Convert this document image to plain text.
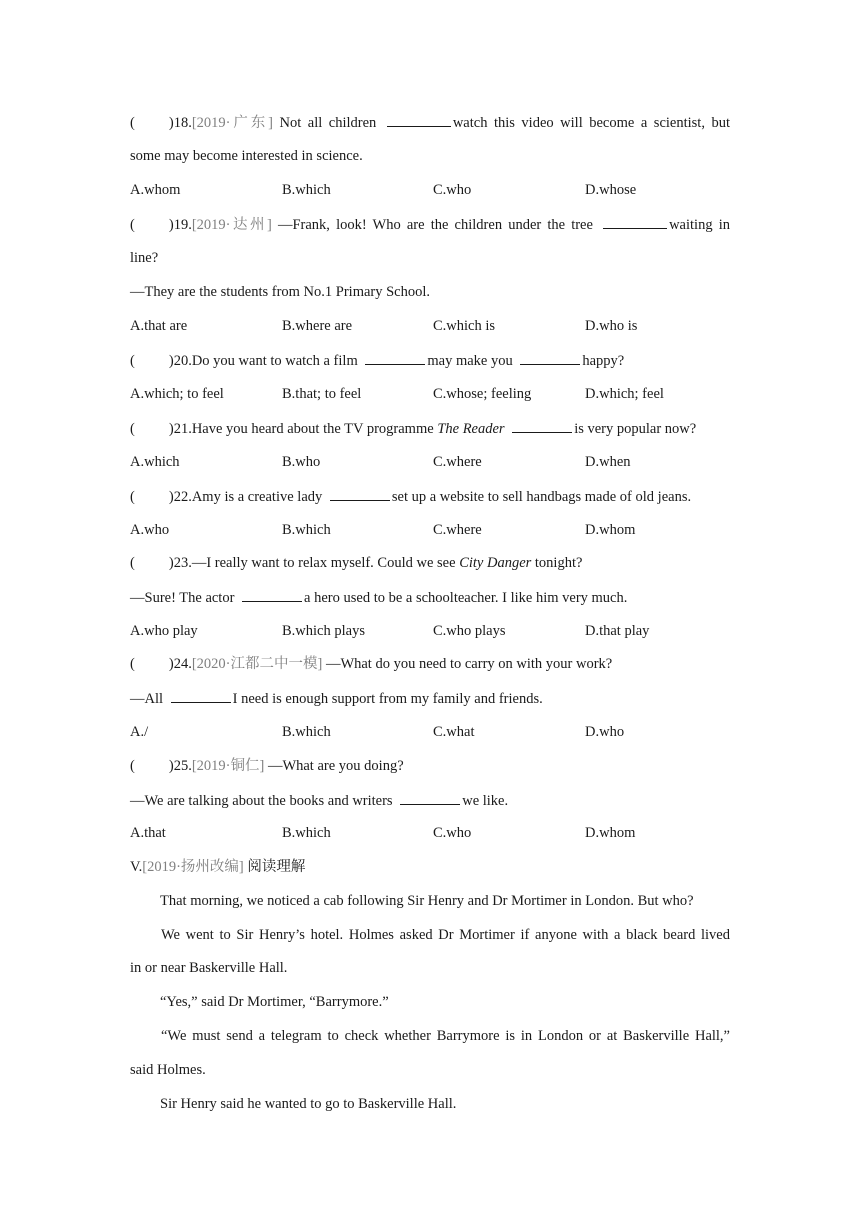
( )18.[2019·广东] Not all children	watch this video will become a scientist, but
some may become interested in science.
A.whom	B.which	C.who	D.whose
( )19.[2019·达州] —Frank, look! Who are the children under the tree	waiting in
line?
—They are the students from No.1 Primary School.
A.that are	B.where are	C.which is	D.who is
( )20.Do you want to watch a film	may make you	happy?
A.which; to feel	B.that; to feel	C.whose; feeling	D.which; feel
( )21.Have you heard about the TV programme The Reader	is very popular now?
A.which	B.who	C.where	D.when
( )22.Amy is a creative lady	set up a website to sell handbags made of old jeans.
A.who	B.which	C.where	D.whom
( )23.—I really want to relax myself. Could we see City Danger tonight?
—Sure! The actor	a hero used to be a schoolteacher. I like him very much.
A.who play	B.which plays	C.who plays	D.that play
( )24.[2020·江都二中一模] —What do you need to carry on with your work?
—All	I need is enough support from my family and friends.
A./	B.which	C.what	D.who
( )25.[2019·铜仁] —What are you doing?
—We are talking about the books and writers	we like.
A.that	B.which	C.who	D.whom
V.[2019·扬州改编] 阅读理解
That morning, we noticed a cab following Sir Henry and Dr Mortimer in London. But who?
We went to Sir Henry’s hotel. Holmes asked Dr Mortimer if anyone with a black beard lived
in or near Baskerville Hall.
“Yes,” said Dr Mortimer, “Barrymore.”
“We must send a telegram to check whether Barrymore is in London or at Baskerville Hall,”
said Holmes.
Sir Henry said he wanted to go to Baskerville Hall.
